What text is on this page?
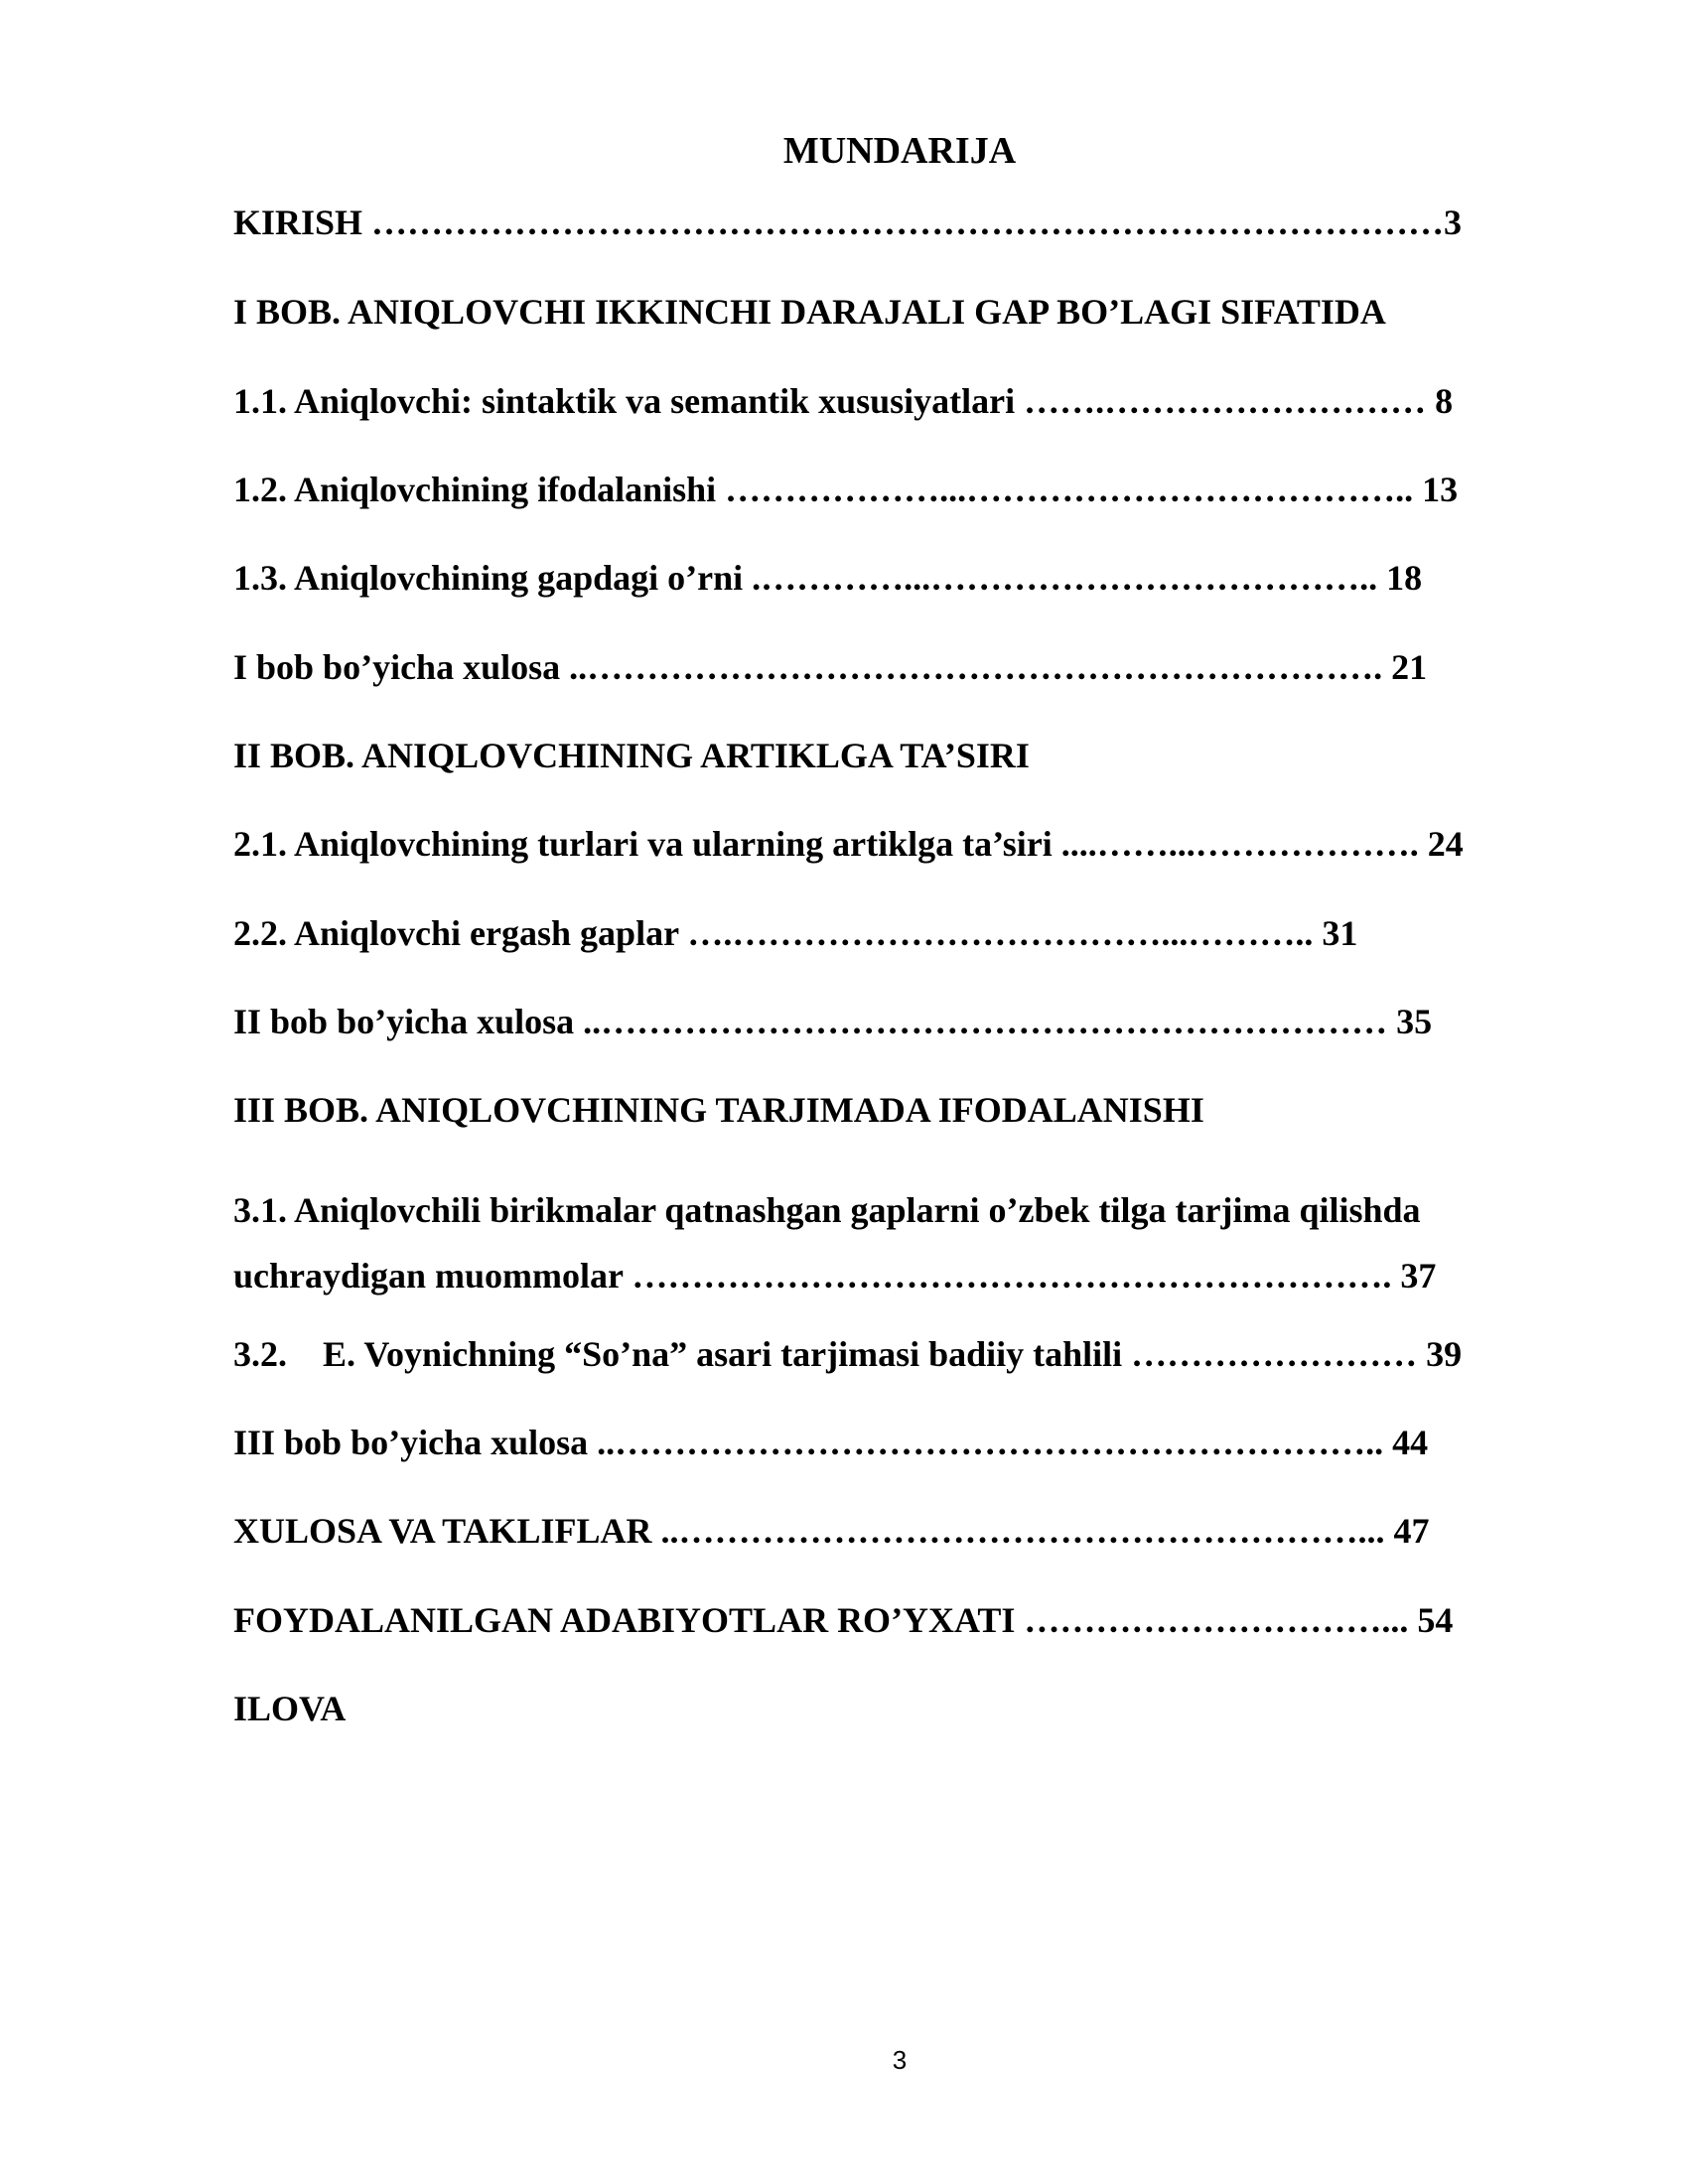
MUNDARIJA
KIRISH ………………………………………………………………………………3
I BOB. ANIQLOVCHI IKKINCHI DARAJALI GAP BO’LAGI SIFATIDA
1.1. Aniqlovchi: sintaktik va semantik xususiyatlari …….……………………… 8
1.2. Aniqlovchining ifodalanishi ………………...……………………………….. 13
1.3. Aniqlovchining gapdagi o’rni .…………...……………………………….. 18
I bob bo’yicha xulosa ..…………………………………………………………. 21
II BOB. ANIQLOVCHINING ARTIKLGA TA’SIRI
2.1. Aniqlovchining turlari va ularning artiklga ta’siri ....……...………………. 24
2.2. Aniqlovchi ergash gaplar ….………………………………...……….. 31
II bob bo’yicha xulosa ..………………………………………………………… 35
III BOB. ANIQLOVCHINING TARJIMADA IFODALANISHI
3.1. Aniqlovchili birikmalar qatnashgan gaplarni o’zbek tilga tarjima qilishda
uchraydigan muommolar ………………………………………………………. 37
3.2. E. Voynichning “So’na” asari tarjimasi badiiy tahlili …………………… 39
III bob bo’yicha xulosa ..……………………………………………………….. 44
XULOSA VA TAKLIFLAR ..…………………………………………………... 47
FOYDALANILGAN ADABIYOTLAR RO’YXATI …………………………... 54
ILOVA
3
